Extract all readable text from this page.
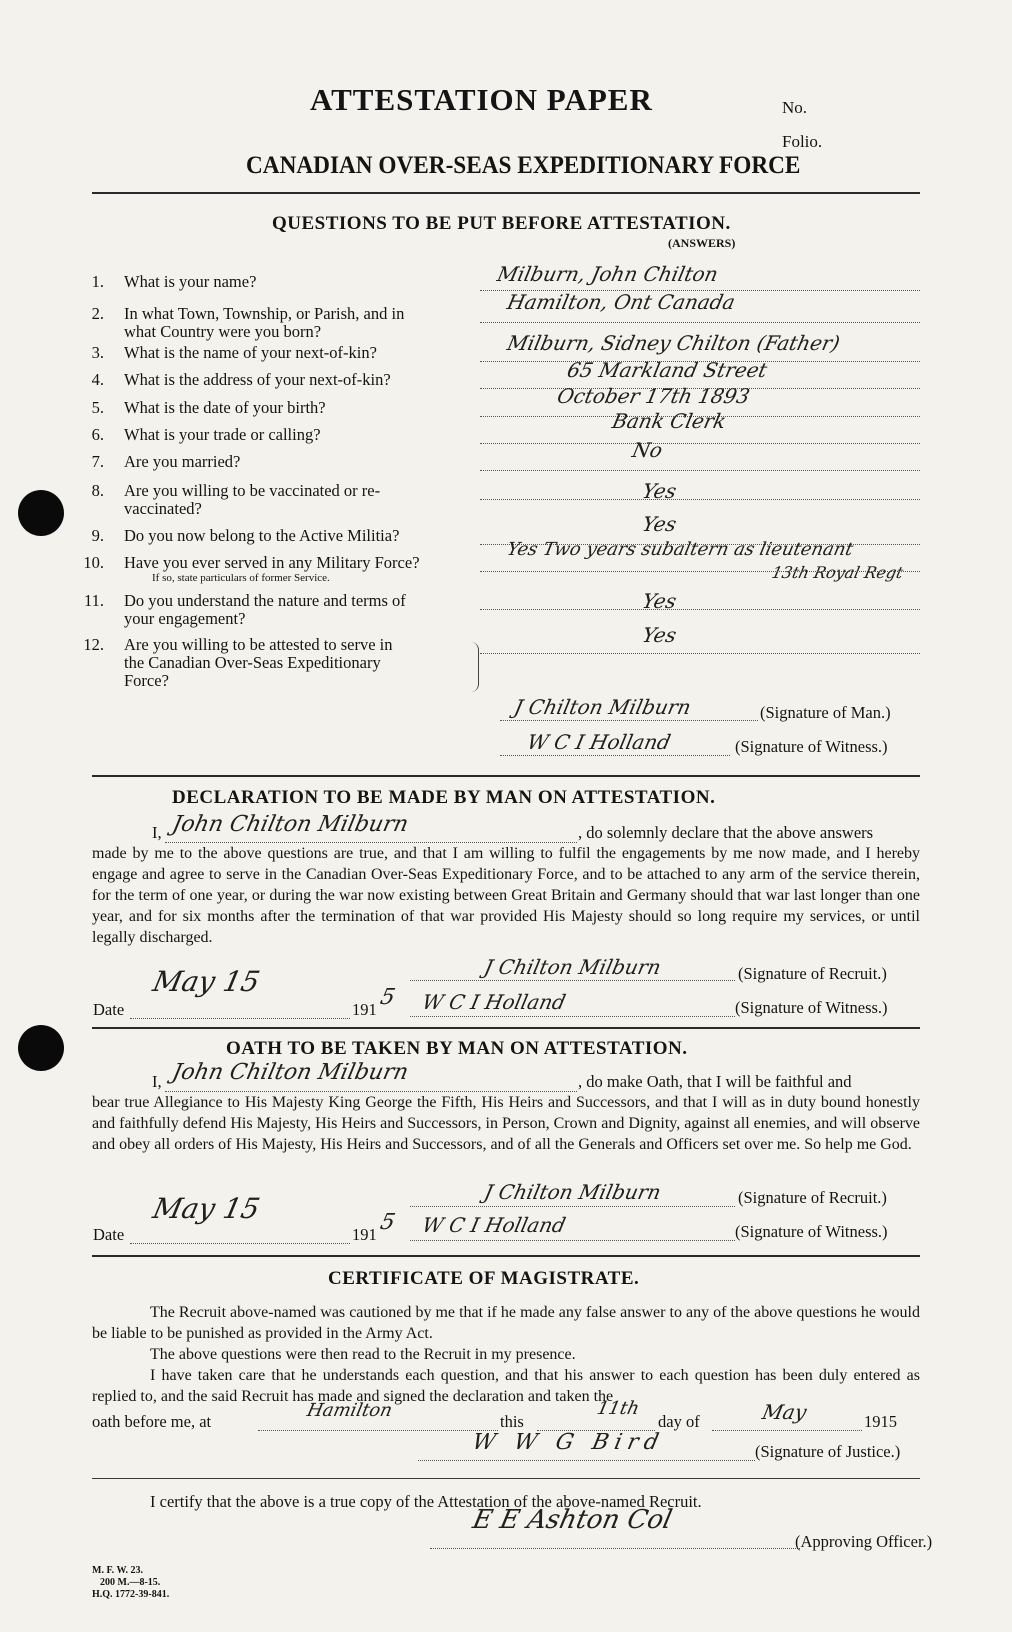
ATTESTATION PAPER	No.
Folio.
CANADIAN OVER-SEAS EXPEDITIONARY FORCE
QUESTIONS TO BE PUT BEFORE ATTESTATION.
(ANSWERS)
1. What is your name?	Milburn, John Chilton
2. In what Town, Township, or Parish, and in
what Country were you born?
Hamilton, Ont Canada
3. What is the name of your next-of-kin?	Milburn, Sidney Chilton (Father)
4. What is the address of your next-of-kin?	65 Markland Street
5. What is the date of your birth?	October 17th 1893
6. What is your trade or calling?
Bank Clerk
7. Are you married?	No
8. Are you willing to be vaccinated or re-
vaccinated?
Yes
9. Do you now belong to the Active Militia?	Yes
10. Have you ever served in any Military Force?
If so, state particulars of former Service.
Yes Two years subaltern as lieutenant
13th Royal Regt
11. Do you understand the nature and terms of
your engagement?
Yes
12. Are you willing to be attested to serve in
the Canadian Over-Seas Expeditionary
Force?
Yes
J Chilton Milburn	(Signature of Man.)
W C I Holland	(Signature of Witness.)
DECLARATION TO BE MADE BY MAN ON ATTESTATION.
I, John Chilton Milburn	, do solemnly declare that the above answers
made by me to the above questions are true, and that I am willing to fulfil the engagements by me now made, and I hereby engage and agree to serve in the Canadian Over-Seas Expeditionary Force, and to be attached to any arm of the service therein, for the term of one year, or during the war now existing between Great Britain and Germany should that war last longer than one year, and for six months after the termination of that war provided His Majesty should so long require my services, or until legally discharged.
May 15
Date	191 5
J Chilton Milburn	(Signature of Recruit.)
W C I Holland	(Signature of Witness.)
OATH TO BE TAKEN BY MAN ON ATTESTATION.
I, John Chilton Milburn	, do make Oath, that I will be faithful and
bear true Allegiance to His Majesty King George the Fifth, His Heirs and Successors, and that I will as in duty bound honestly and faithfully defend His Majesty, His Heirs and Successors, in Person, Crown and Dignity, against all enemies, and will observe and obey all orders of His Majesty, His Heirs and Successors, and of all the Generals and Officers set over me. So help me God.
May 15
Date	191 5
J Chilton Milburn	(Signature of Recruit.)
W C I Holland	(Signature of Witness.)
CERTIFICATE OF MAGISTRATE.
The Recruit above-named was cautioned by me that if he made any false answer to any of the above questions he would be liable to be punished as provided in the Army Act.
The above questions were then read to the Recruit in my presence.
I have taken care that he understands each question, and that his answer to each question has been duly entered as replied to, and the said Recruit has made and signed the declaration and taken the
oath before me, at
Hamilton
this
11th
day of	May	1915
W W G Bird	(Signature of Justice.)
I certify that the above is a true copy of the Attestation of the above-named Recruit.
E E Ashton Col
(Approving Officer.)
M. F. W. 23.
200 M.—8-15.
H.Q. 1772-39-841.
